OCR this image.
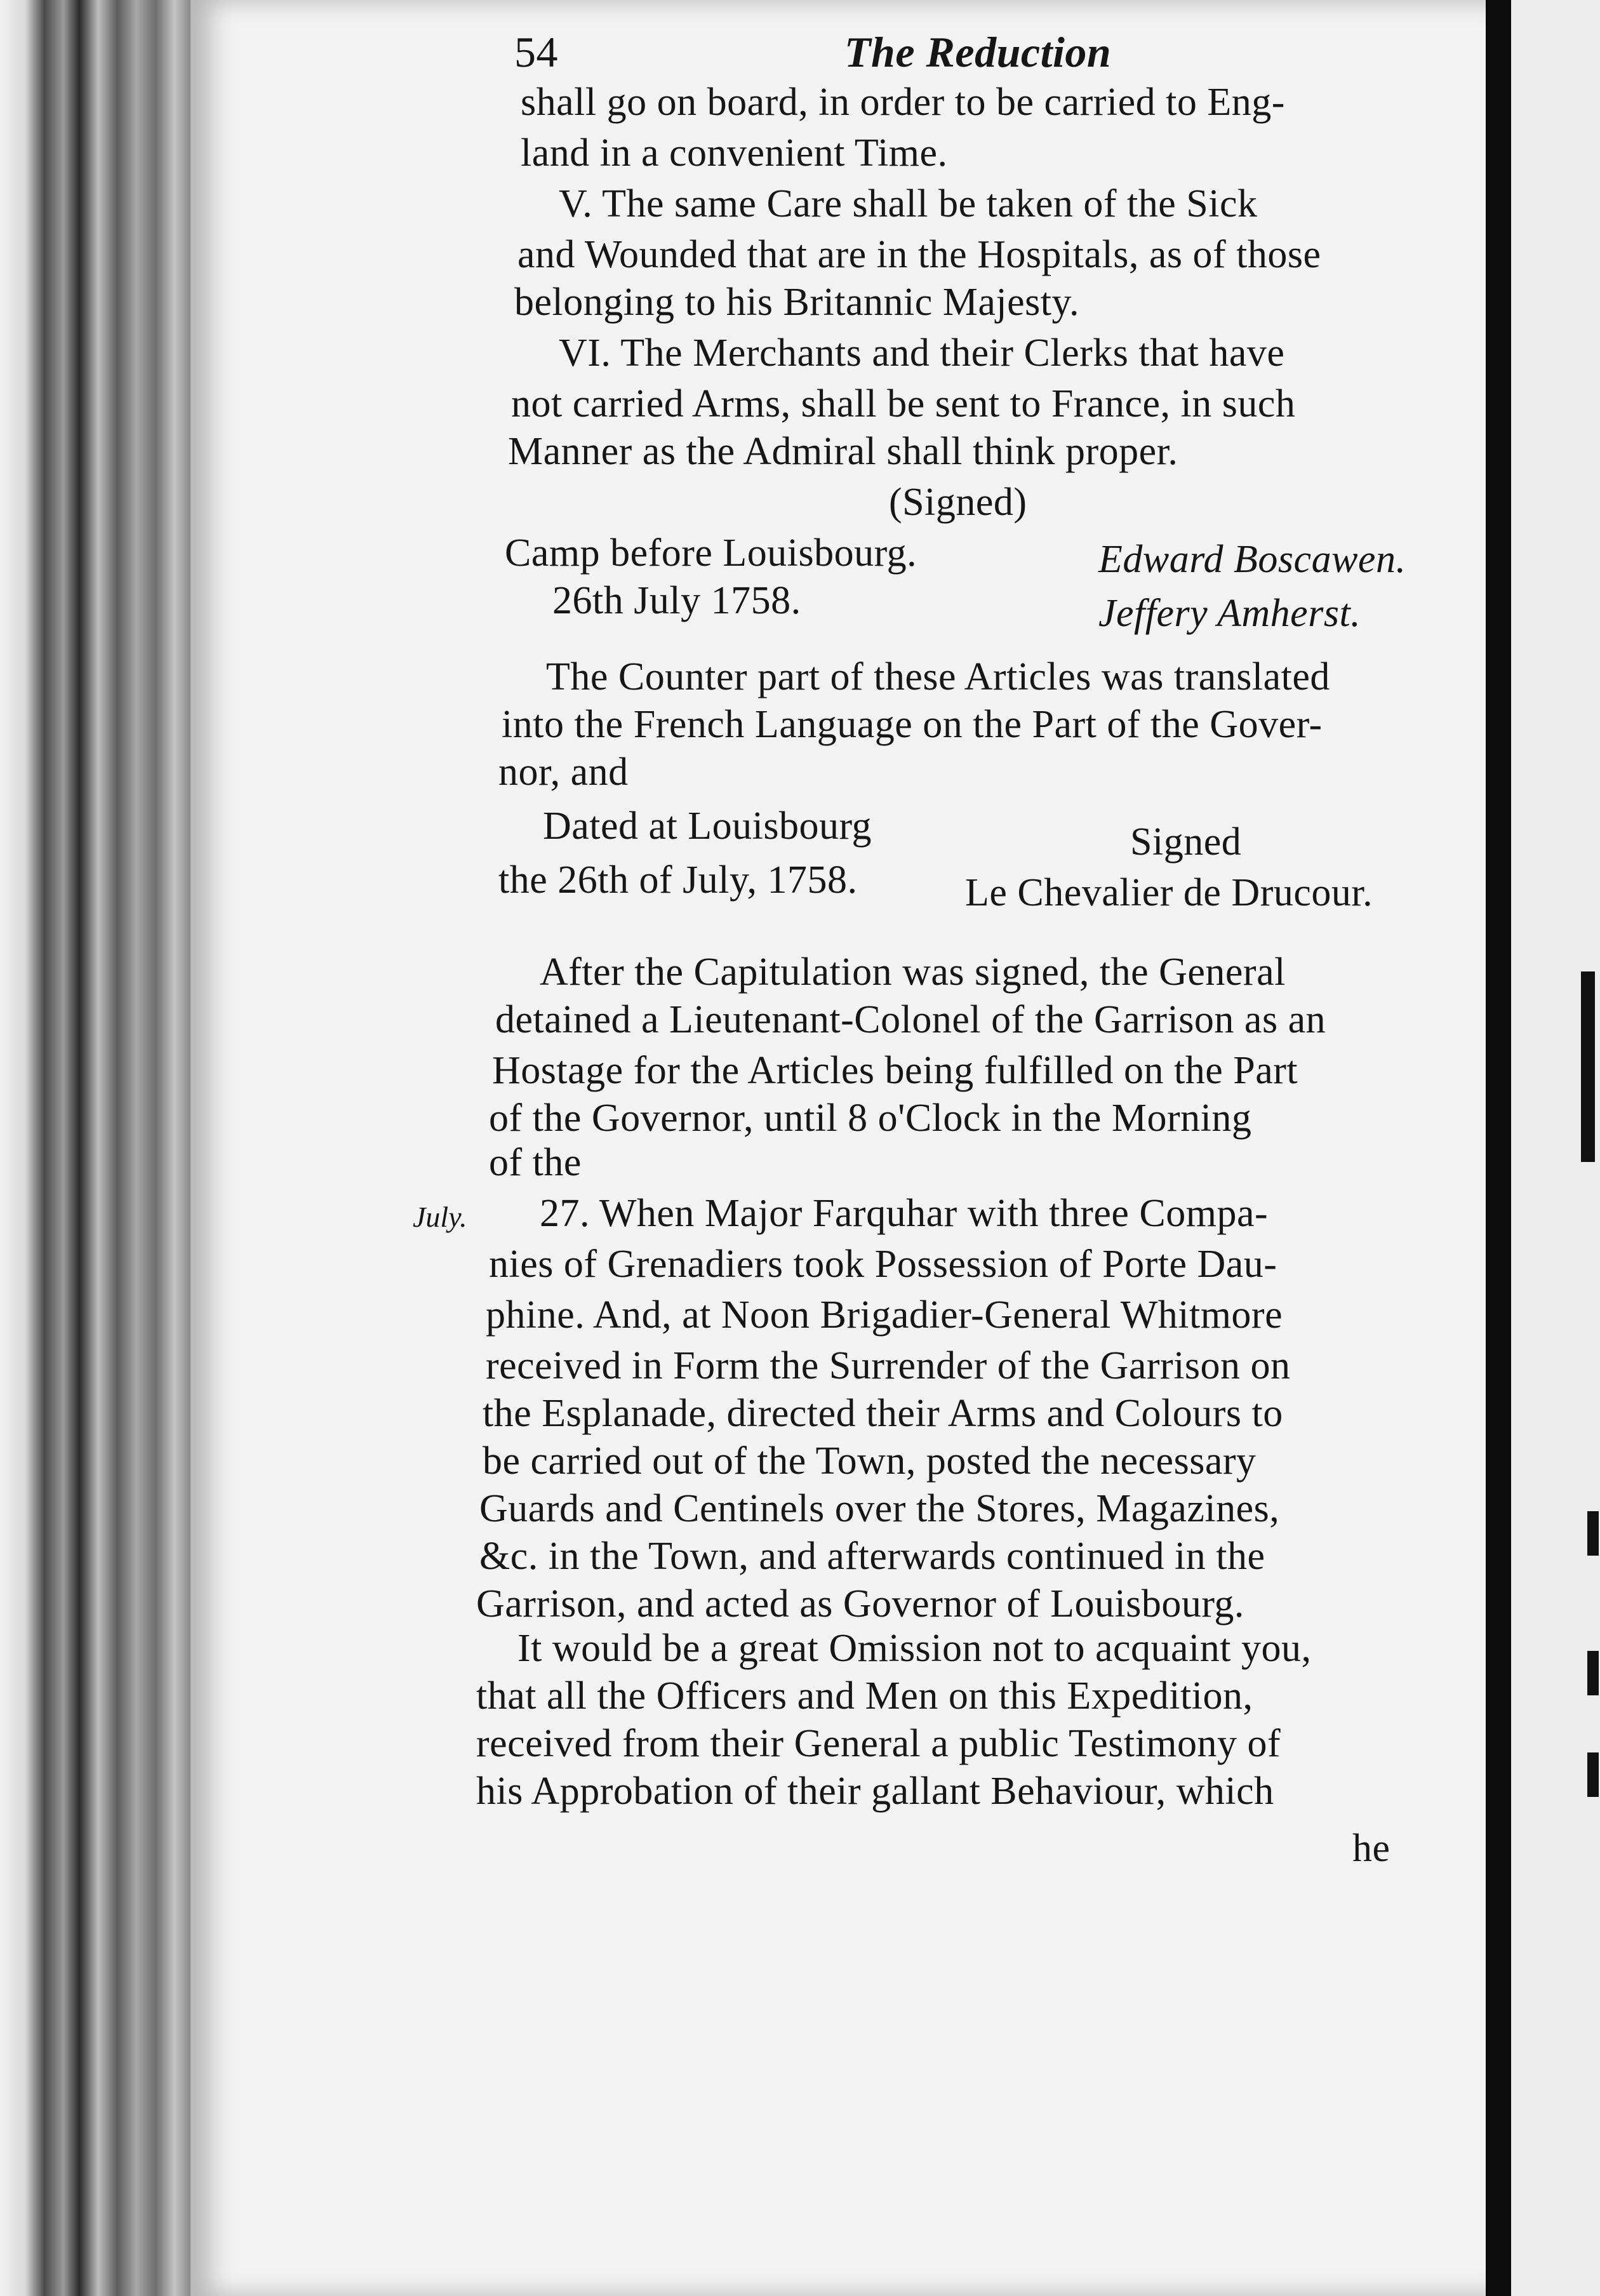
54	The Reduction
shall go on board, in order to be carried to Eng-
land in a convenient Time.
V. The same Care shall be taken of the Sick
and Wounded that are in the Hospitals, as of those
belonging to his Britannic Majesty.
VI. The Merchants and their Clerks that have
not carried Arms, shall be sent to France, in such
Manner as the Admiral shall think proper.
(Signed)
Camp before Louisbourg.	Edward Boscawen.
26th July 1758.	Jeffery Amherst.
The Counter part of these Articles was translated
into the French Language on the Part of the Gover-
nor, and
Dated at Louisbourg	Signed
the 26th of July, 1758.	Le Chevalier de Drucour.
After the Capitulation was signed, the General
detained a Lieutenant-Colonel of the Garrison as an
Hostage for the Articles being fulfilled on the Part
of the Governor, until 8 o'Clock in the Morning
of the
July. 27. When Major Farquhar with three Compa-
nies of Grenadiers took Possession of Porte Dau-
phine. And, at Noon Brigadier-General Whitmore
received in Form the Surrender of the Garrison on
the Esplanade, directed their Arms and Colours to
be carried out of the Town, posted the necessary
Guards and Centinels over the Stores, Magazines,
&c. in the Town, and afterwards continued in the
Garrison, and acted as Governor of Louisbourg.
It would be a great Omission not to acquaint you,
that all the Officers and Men on this Expedition,
received from their General a public Testimony of
his Approbation of their gallant Behaviour, which
he
